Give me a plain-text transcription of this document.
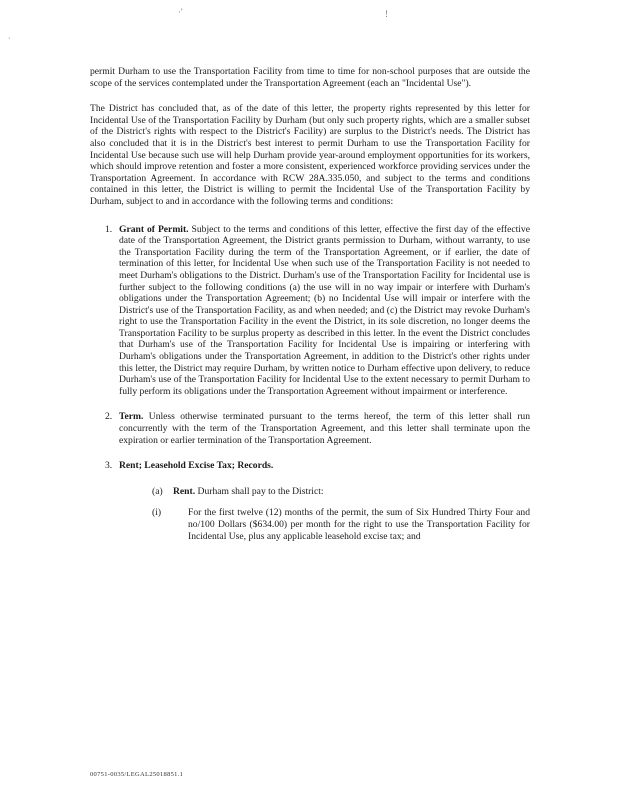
·'	ǃ
·

permit Durham to use the Transportation Facility from time to time for non-school purposes that are outside the scope of the services contemplated under the Transportation Agreement (each an "Incidental Use").

The District has concluded that, as of the date of this letter, the property rights represented by this letter for Incidental Use of the Transportation Facility by Durham (but only such property rights, which are a smaller subset of the District's rights with respect to the District's Facility) are surplus to the District's needs. The District has also concluded that it is in the District's best interest to permit Durham to use the Transportation Facility for Incidental Use because such use will help Durham provide year-around employment opportunities for its workers, which should improve retention and foster a more consistent, experienced workforce providing services under the Transportation Agreement. In accordance with RCW 28A.335.050, and subject to the terms and conditions contained in this letter, the District is willing to permit the Incidental Use of the Transportation Facility by Durham, subject to and in accordance with the following terms and conditions:

1. Grant of Permit. Subject to the terms and conditions of this letter, effective the first day of the effective date of the Transportation Agreement, the District grants permission to Durham, without warranty, to use the Transportation Facility during the term of the Transportation Agreement, or if earlier, the date of termination of this letter, for Incidental Use when such use of the Transportation Facility is not needed to meet Durham's obligations to the District. Durham's use of the Transportation Facility for Incidental use is further subject to the following conditions (a) the use will in no way impair or interfere with Durham's obligations under the Transportation Agreement; (b) no Incidental Use will impair or interfere with the District's use of the Transportation Facility, as and when needed; and (c) the District may revoke Durham's right to use the Transportation Facility in the event the District, in its sole discretion, no longer deems the Transportation Facility to be surplus property as described in this letter. In the event the District concludes that Durham's use of the Transportation Facility for Incidental Use is impairing or interfering with Durham's obligations under the Transportation Agreement, in addition to the District's other rights under this letter, the District may require Durham, by written notice to Durham effective upon delivery, to reduce Durham's use of the Transportation Facility for Incidental Use to the extent necessary to permit Durham to fully perform its obligations under the Transportation Agreement without impairment or interference.
2. Term. Unless otherwise terminated pursuant to the terms hereof, the term of this letter shall run concurrently with the term of the Transportation Agreement, and this letter shall terminate upon the expiration or earlier termination of the Transportation Agreement.
3. Rent; Leasehold Excise Tax; Records.
(a) Rent. Durham shall pay to the District:
(i)	For the first twelve (12) months of the permit, the sum of Six Hundred Thirty Four and no/100 Dollars ($634.00) per month for the right to use the Transportation Facility for Incidental Use, plus any applicable leasehold excise tax; and
00751-0035/LEGAL25018851.1
